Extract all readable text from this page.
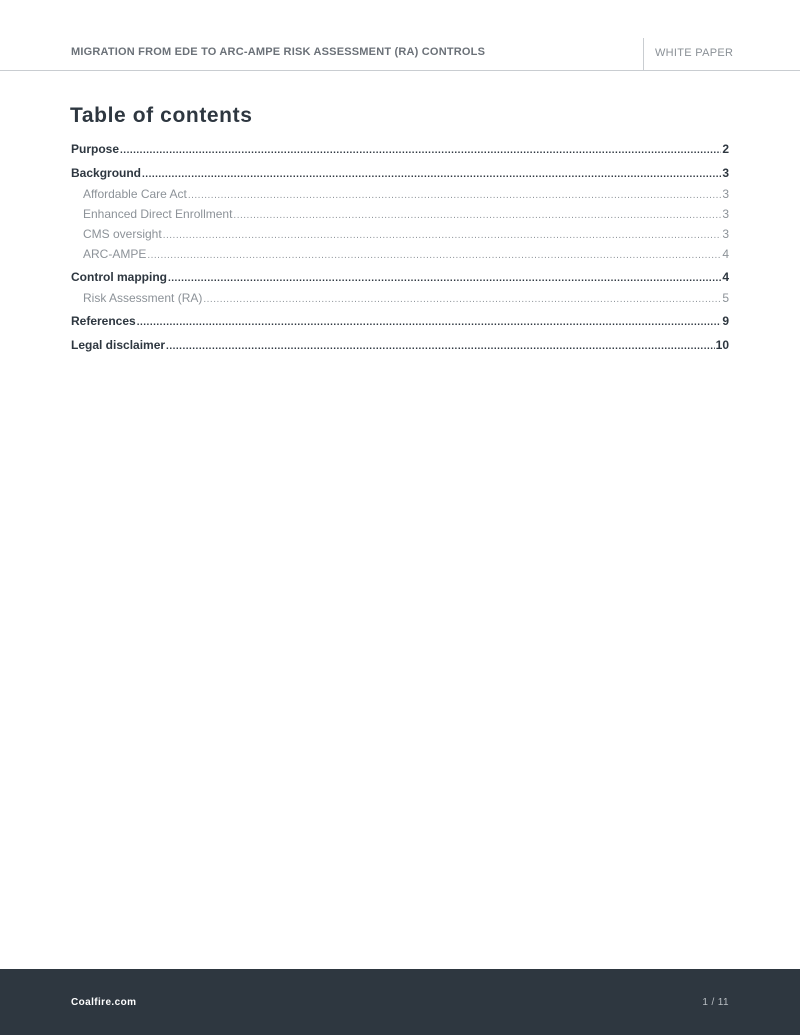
MIGRATION FROM EDE TO ARC-AMPE RISK ASSESSMENT (RA) CONTROLS	WHITE PAPER
Table of contents
Purpose .....	2
Background .....	3
Affordable Care Act .....	3
Enhanced Direct Enrollment .....	3
CMS oversight .....	3
ARC-AMPE .....	4
Control mapping .....	4
Risk Assessment (RA) .....	5
References .....	9
Legal disclaimer .....	10
Coalfire.com	1 / 11
